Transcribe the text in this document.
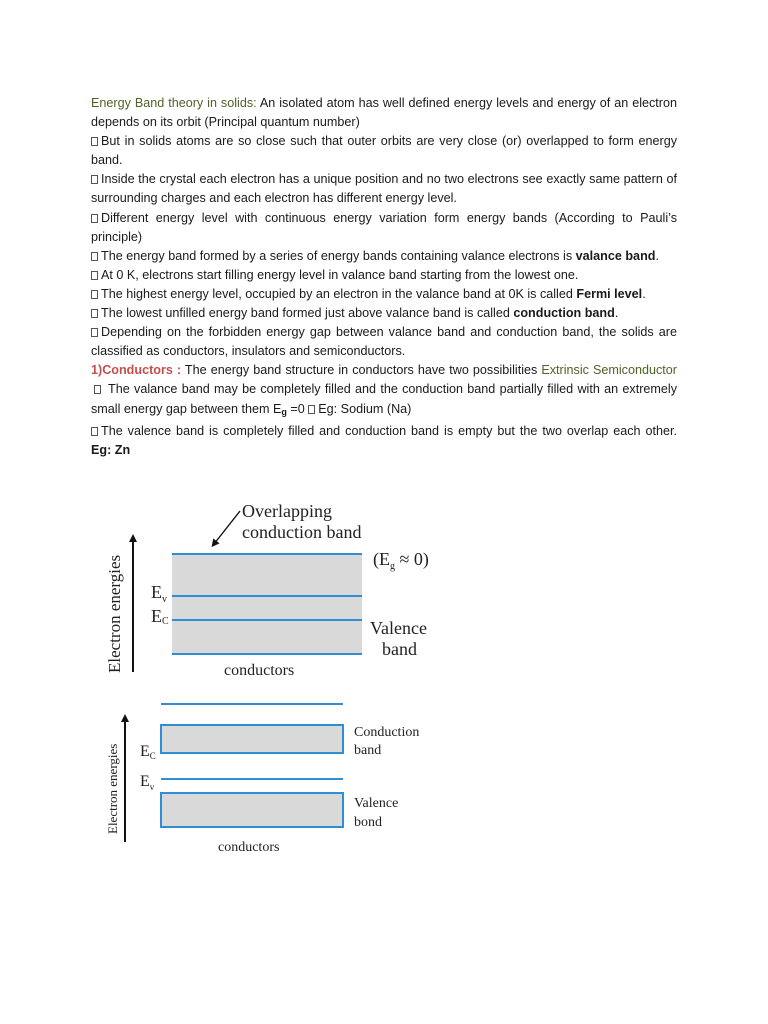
Energy Band theory in solids: An isolated atom has well defined energy levels and energy of an electron depends on its orbit (Principal quantum number)

But in solids atoms are so close such that outer orbits are very close (or) overlapped to form energy band.

Inside the crystal each electron has a unique position and no two electrons see exactly same pattern of surrounding charges and each electron has different energy level.

Different energy level with continuous energy variation form energy bands (According to Pauli’s principle)

The energy band formed by a series of energy bands containing valance electrons is valance band.

At 0 K, electrons start filling energy level in valance band starting from the lowest one.

The highest energy level, occupied by an electron in the valance band at 0K is called Fermi level.

The lowest unfilled energy band formed just above valance band is called conduction band.

Depending on the forbidden energy gap between valance band and conduction band, the solids are classified as conductors, insulators and semiconductors.

1)Conductors : The energy band structure in conductors have two possibilities Extrinsic Semiconductor The valance band may be completely filled and the conduction band partially filled with an extremely small energy gap between them $E_g =0$ Eg: Sodium (Na)

The valence band is completely filled and conduction band is empty but the two overlap each other. Eg: Zn

Electron energies
Overlapping
conduction band
$(E_g \approx 0)$
$E_v$
EC	Valence
band
conductors
Electron energies EC
$E_v$
Conduction
band
Valence
bond
conductors
